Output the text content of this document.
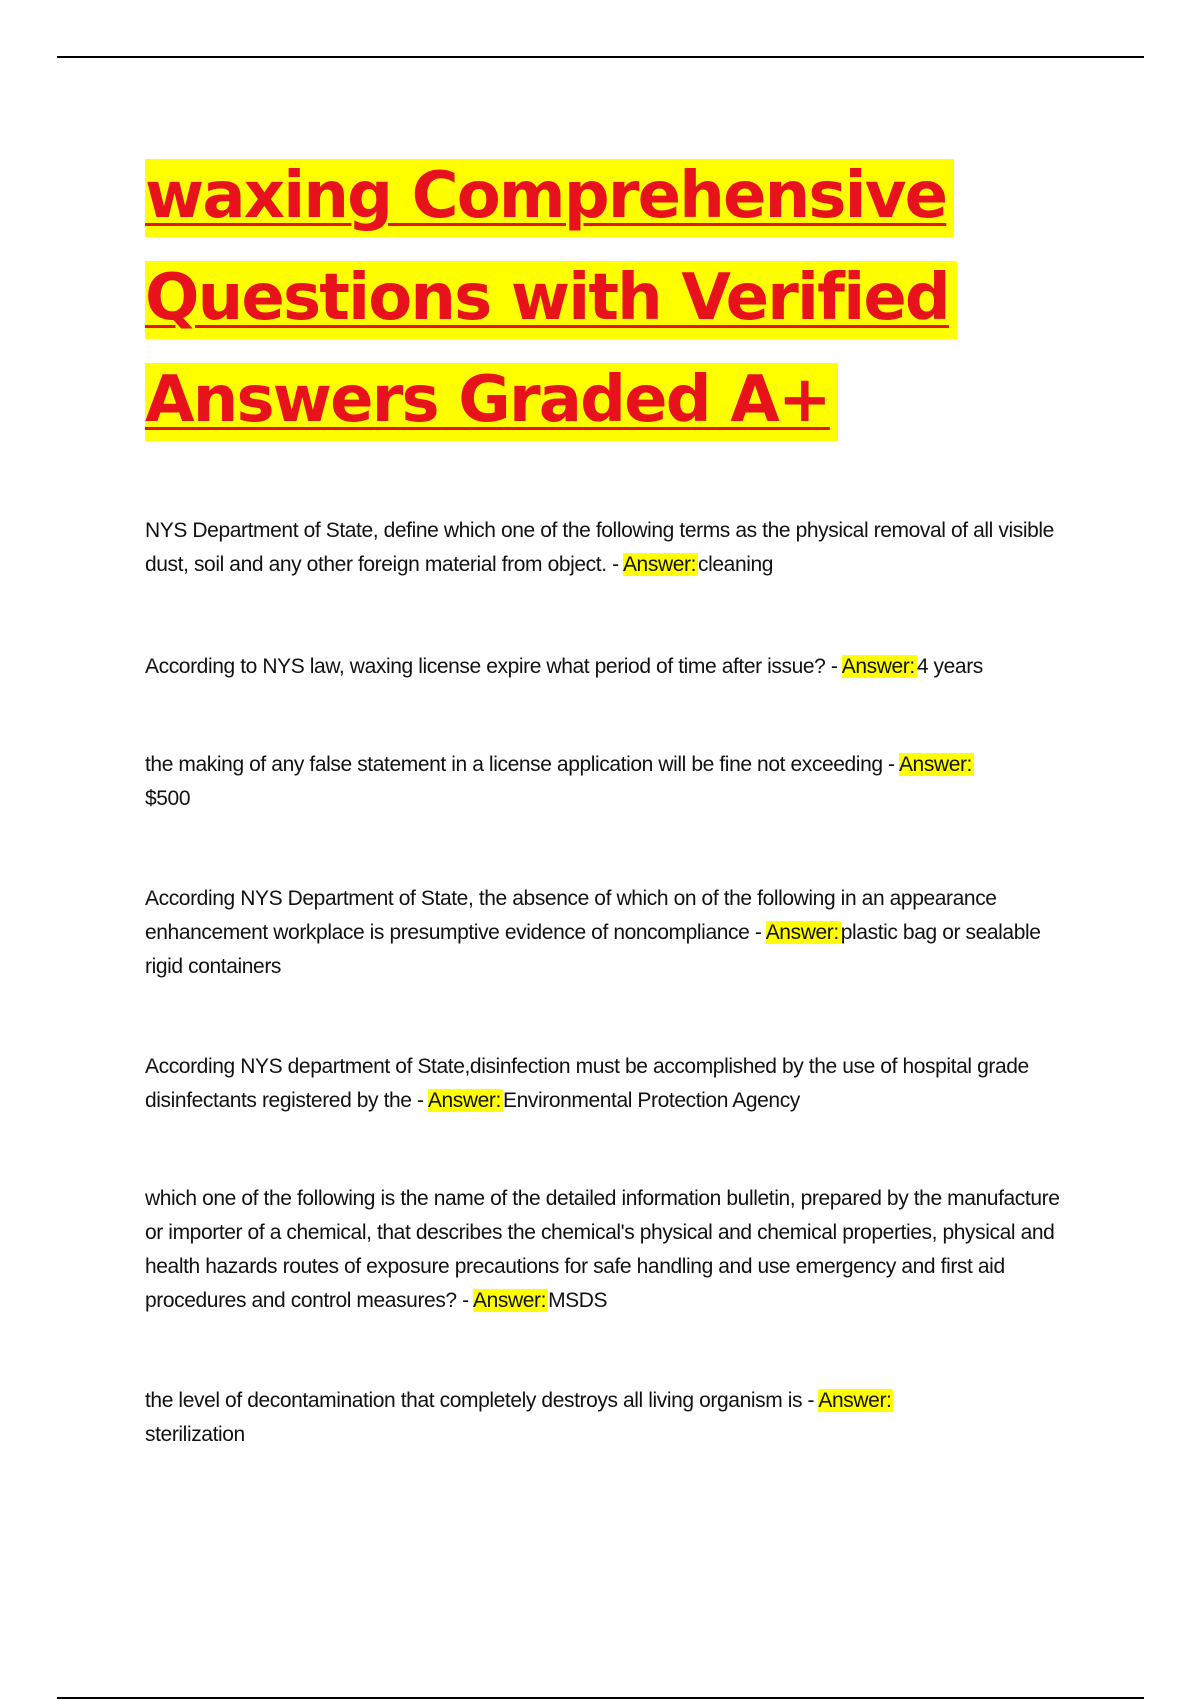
waxing Comprehensive
Questions with Verified
Answers Graded A+

NYS Department of State, define which one of the following terms as the physical removal of all visible dust, soil and any other foreign material from object. - Answer:cleaning

According to NYS law, waxing license expire what period of time after issue? - Answer:4 years

the making of any false statement in a license application will be fine not exceeding - Answer:
$500

According NYS Department of State, the absence of which on of the following in an appearance enhancement workplace is presumptive evidence of noncompliance - Answer:plastic bag or sealable rigid containers

According NYS department of State,disinfection must be accomplished by the use of hospital grade disinfectants registered by the - Answer:Environmental Protection Agency

which one of the following is the name of the detailed information bulletin, prepared by the manufacture or importer of a chemical, that describes the chemical's physical and chemical properties, physical and health hazards routes of exposure precautions for safe handling and use emergency and first aid procedures and control measures? - Answer:MSDS

the level of decontamination that completely destroys all living organism is - Answer:
sterilization
